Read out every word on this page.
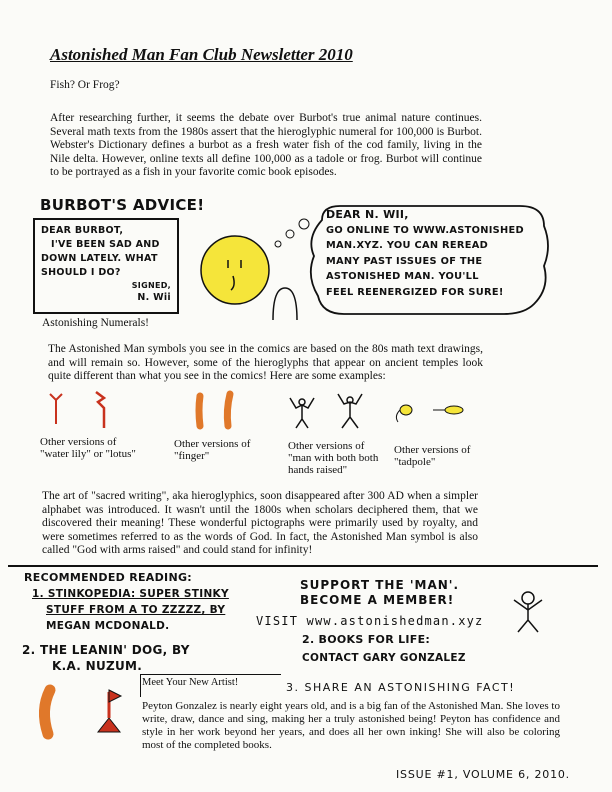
Astonished Man Fan Club Newsletter 2010
Fish? Or Frog?
After researching further, it seems the debate over Burbot's true animal nature continues. Several math texts from the 1980s assert that the hieroglyphic numeral for 100,000 is Burbot. Webster's Dictionary defines a burbot as a fresh water fish of the cod family, living in the Nile delta. However, online texts all define 100,000 as a tadole or frog. Burbot will continue to be portrayed as a fish in your favorite comic book episodes.
BURBOT'S ADVICE!
DEAR BURBOT,
I'VE BEEN SAD AND
DOWN LATELY. WHAT
SHOULD I DO?
SIGNED,
N. Wii
DEAR N. WII,
GO ONLINE TO WWW.ASTONISHED
MAN.XYZ. YOU CAN REREAD
MANY PAST ISSUES OF THE
ASTONISHED MAN. YOU'LL
FEEL REENERGIZED FOR SURE!
Astonishing Numerals!
The Astonished Man symbols you see in the comics are based on the 80s math text drawings, and will remain so. However, some of the hieroglyphs that appear on ancient temples look quite different than what you see in the comics! Here are some examples:
Other versions of "water lily" or "lotus"
Other versions of "finger"
Other versions of "man with both both hands raised"
Other versions of "tadpole"
The art of "sacred writing", aka hieroglyphics, soon disappeared after 300 AD when a simpler alphabet was introduced. It wasn't until the 1800s when scholars deciphered them, that we discovered their meaning! These wonderful pictographs were primarily used by royalty, and were sometimes referred to as the words of God. In fact, the Astonished Man symbol is also called "God with arms raised" and could stand for infinity!
RECOMMENDED READING:
1. STINKOPEDIA: SUPER STINKY
STUFF FROM A TO ZZZZZ, BY
MEGAN MCDONALD.
2. THE LEANIN' DOG, BY
K.A. NUZUM.
SUPPORT THE 'MAN'.
BECOME A MEMBER!
VISIT www.astonishedman.xyz
2. BOOKS FOR LIFE:
CONTACT GARY GONZALEZ
3. SHARE AN ASTONISHING FACT!
Meet Your New Artist!
Peyton Gonzalez is nearly eight years old, and is a big fan of the Astonished Man. She loves to write, draw, dance and sing, making her a truly astonished being! Peyton has confidence and style in her work beyond her years, and does all her own inking! She will also be coloring most of the completed books.
ISSUE #1, VOLUME 6, 2010.
